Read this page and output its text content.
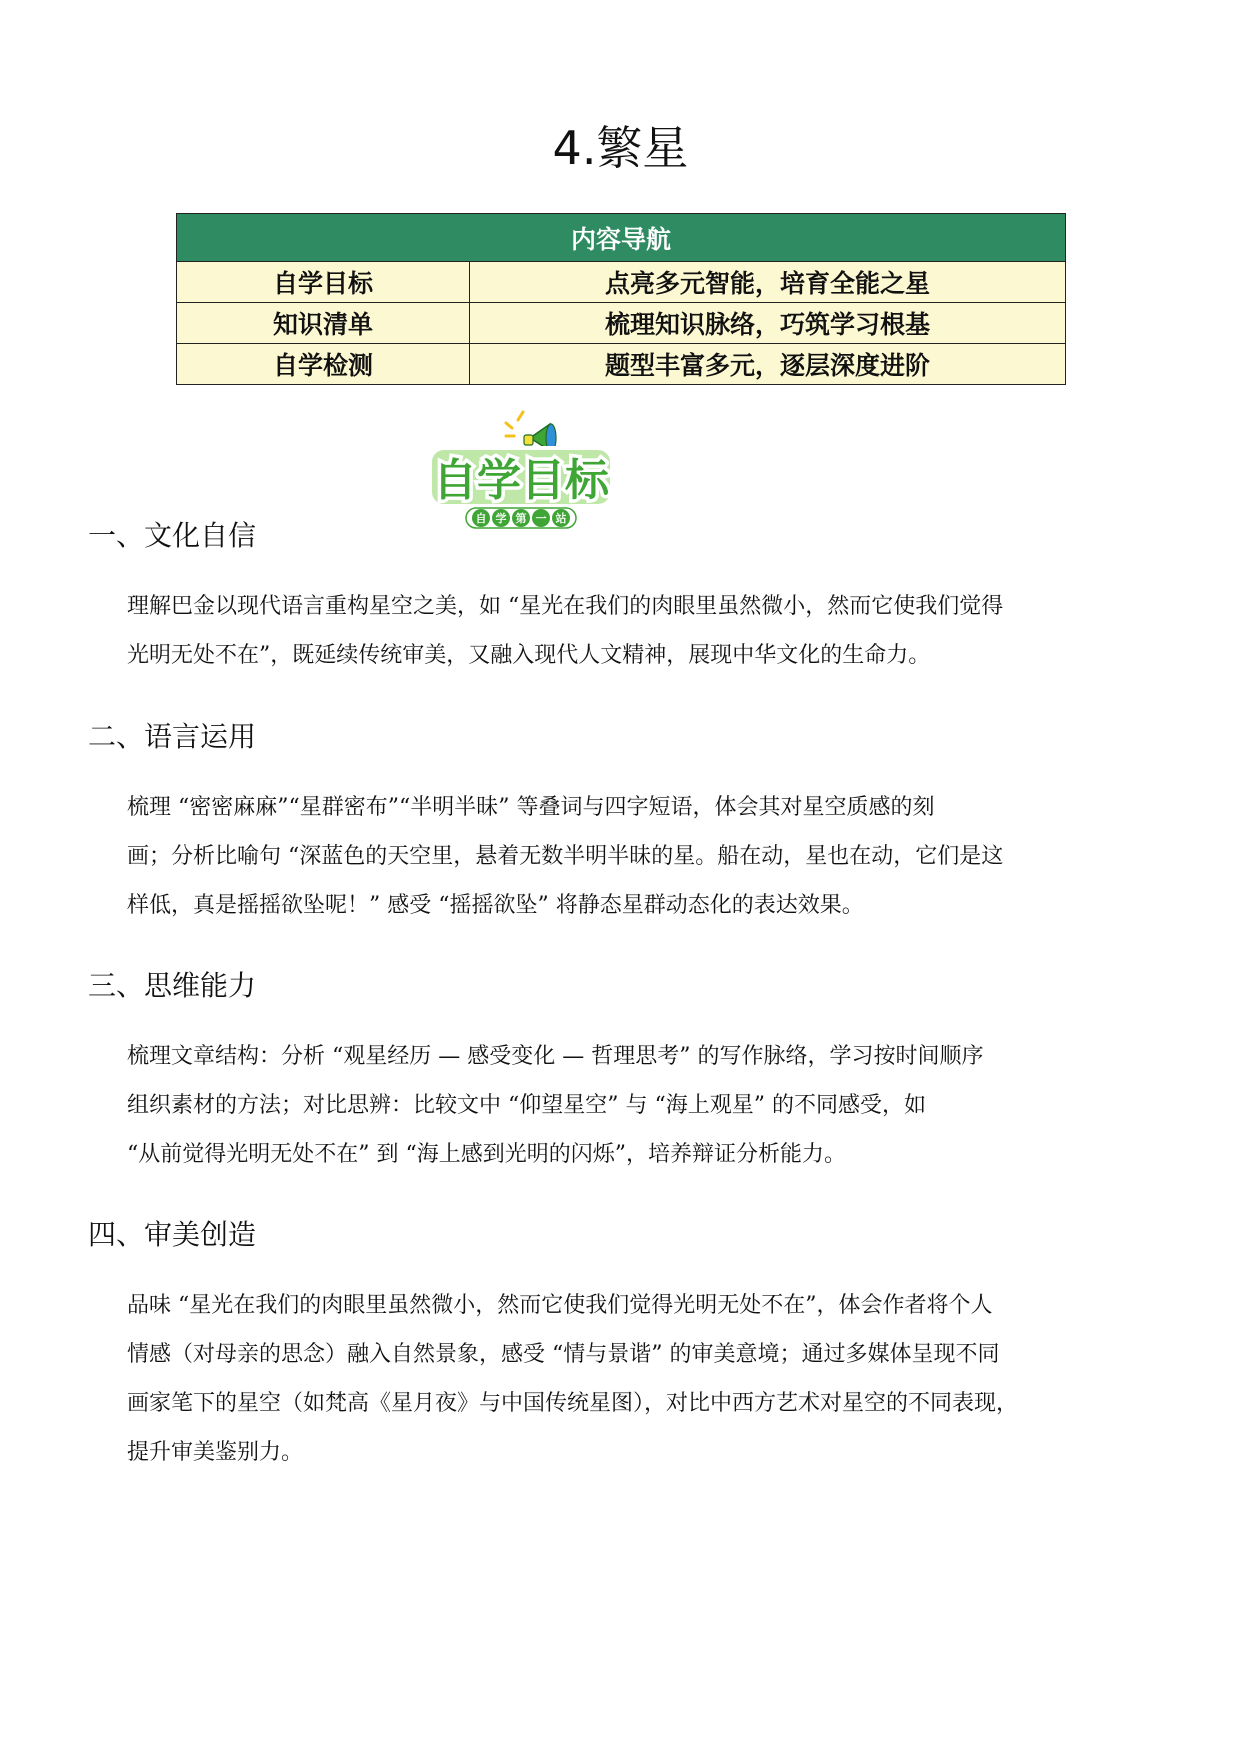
4.繁星
内容导航	
自学目标	点亮多元智能，培育全能之星
知识清单	梳理知识脉络，巧筑学习根基
自学检测	题型丰富多元，逐层深度进阶
自学目标
自 学 第 一 站
一、文化自信
理解巴金以现代语言重构星空之美，如 “星光在我们的肉眼里虽然微小，然而它使我们觉得
光明无处不在”，既延续传统审美，又融入现代人文精神，展现中华文化的生命力。
二、语言运用
梳理 “密密麻麻”“星群密布”“半明半昧” 等叠词与四字短语，体会其对星空质感的刻
画；分析比喻句 “深蓝色的天空里，悬着无数半明半昧的星。船在动，星也在动，它们是这
样低，真是摇摇欲坠呢！” 感受 “摇摇欲坠” 将静态星群动态化的表达效果。
三、思维能力
梳理文章结构：分析 “观星经历 — 感受变化 — 哲理思考” 的写作脉络，学习按时间顺序
组织素材的方法；对比思辨：比较文中 “仰望星空” 与 “海上观星” 的不同感受，如
“从前觉得光明无处不在” 到 “海上感到光明的闪烁”，培养辩证分析能力。
四、审美创造
品味 “星光在我们的肉眼里虽然微小，然而它使我们觉得光明无处不在”，体会作者将个人
情感（对母亲的思念）融入自然景象，感受 “情与景谐” 的审美意境；通过多媒体呈现不同
画家笔下的星空（如梵高《星月夜》与中国传统星图），对比中西方艺术对星空的不同表现，
提升审美鉴别力。
